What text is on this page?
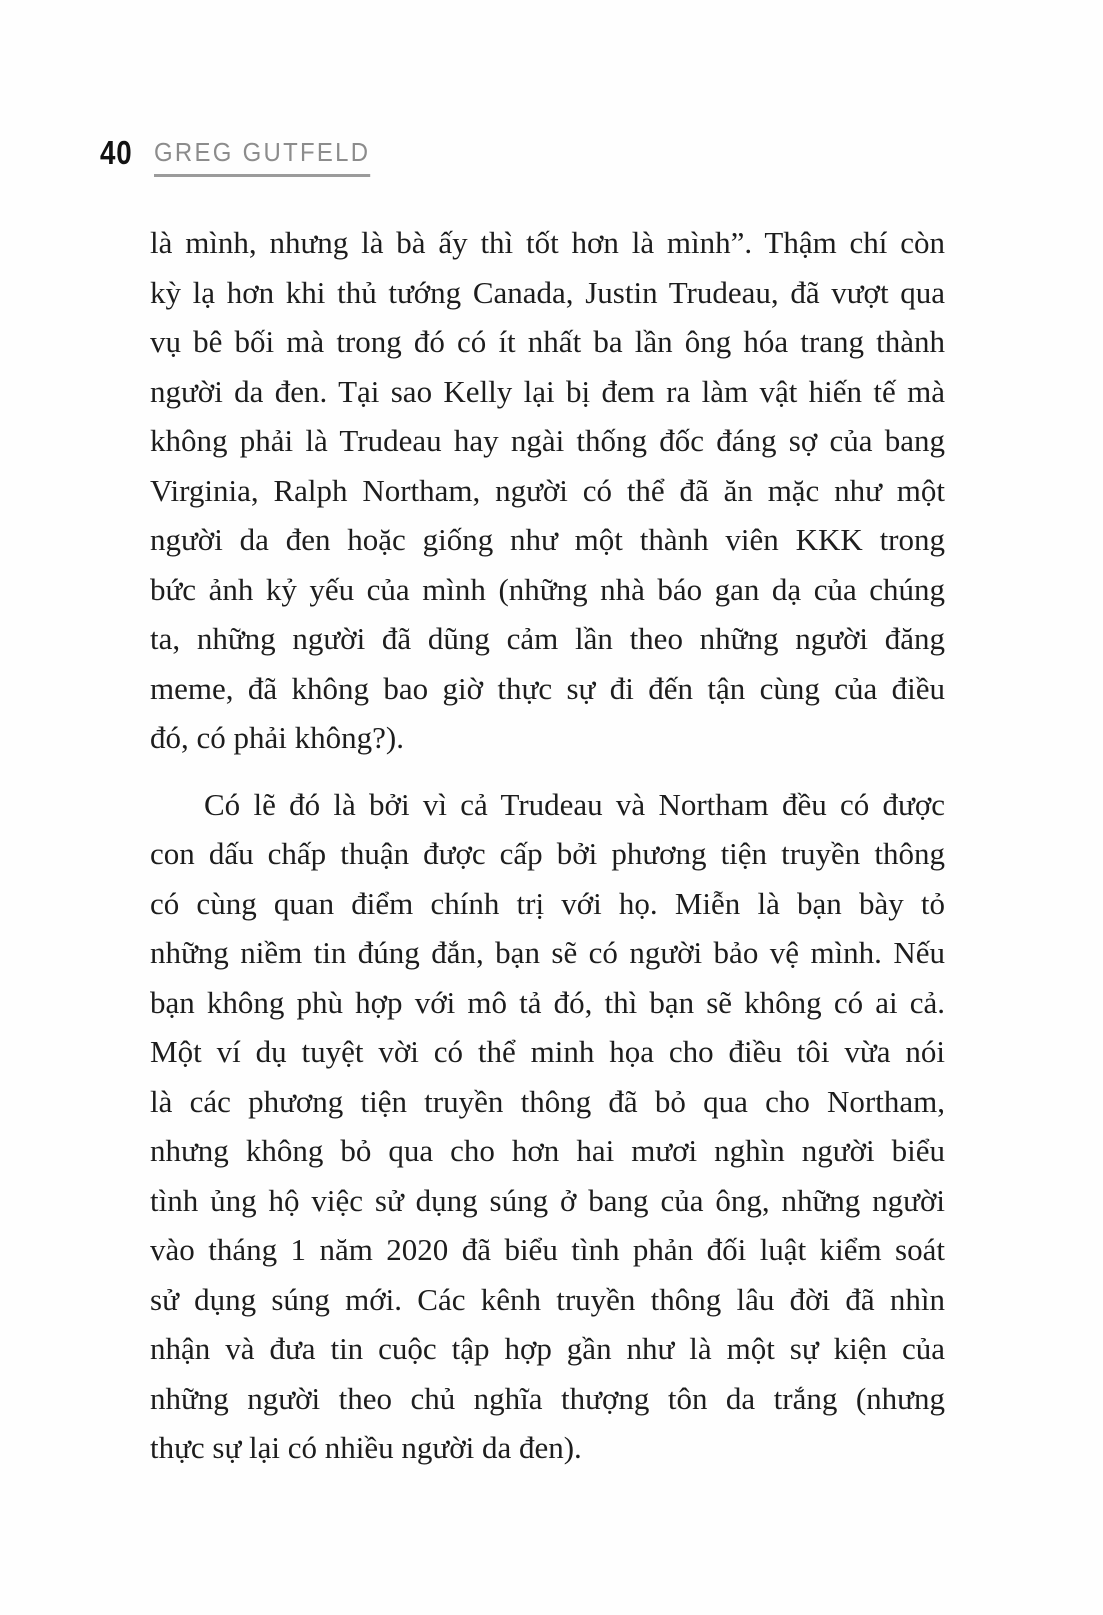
40 GREG GUTFELD
là mình, nhưng là bà ấy thì tốt hơn là mình”. Thậm chí còn
kỳ lạ hơn khi thủ tướng Canada, Justin Trudeau, đã vượt qua
vụ bê bối mà trong đó có ít nhất ba lần ông hóa trang thành
người da đen. Tại sao Kelly lại bị đem ra làm vật hiến tế mà
không phải là Trudeau hay ngài thống đốc đáng sợ của bang
Virginia, Ralph Northam, người có thể đã ăn mặc như một
người da đen hoặc giống như một thành viên KKK trong
bức ảnh kỷ yếu của mình (những nhà báo gan dạ của chúng
ta, những người đã dũng cảm lần theo những người đăng
meme, đã không bao giờ thực sự đi đến tận cùng của điều
đó, có phải không?).
Có lẽ đó là bởi vì cả Trudeau và Northam đều có được
con dấu chấp thuận được cấp bởi phương tiện truyền thông
có cùng quan điểm chính trị với họ. Miễn là bạn bày tỏ
những niềm tin đúng đắn, bạn sẽ có người bảo vệ mình. Nếu
bạn không phù hợp với mô tả đó, thì bạn sẽ không có ai cả.
Một ví dụ tuyệt vời có thể minh họa cho điều tôi vừa nói
là các phương tiện truyền thông đã bỏ qua cho Northam,
nhưng không bỏ qua cho hơn hai mươi nghìn người biểu
tình ủng hộ việc sử dụng súng ở bang của ông, những người
vào tháng 1 năm 2020 đã biểu tình phản đối luật kiểm soát
sử dụng súng mới. Các kênh truyền thông lâu đời đã nhìn
nhận và đưa tin cuộc tập hợp gần như là một sự kiện của
những người theo chủ nghĩa thượng tôn da trắng (nhưng
thực sự lại có nhiều người da đen).
